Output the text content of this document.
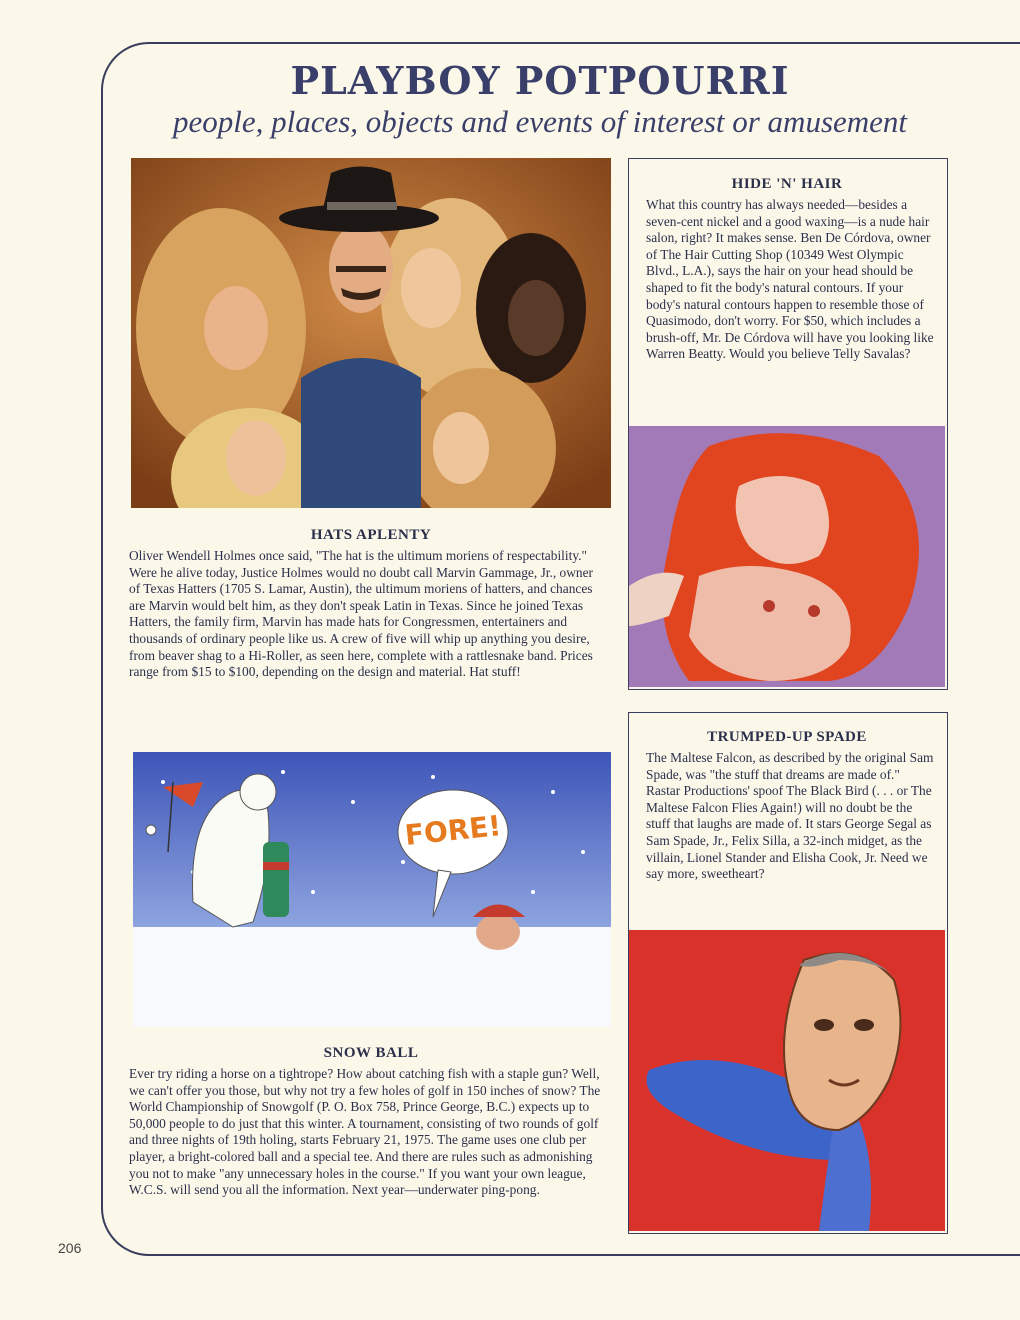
PLAYBOY POTPOURRI
people, places, objects and events of interest or amusement
HIDE 'N' HAIR

What this country has always needed—besides a seven-cent nickel and a good waxing—is a nude hair salon, right? It makes sense. Ben De Córdova, owner of The Hair Cutting Shop (10349 West Olympic Blvd., L.A.), says the hair on your head should be shaped to fit the body's natural contours. If your body's natural contours happen to resemble those of Quasimodo, don't worry. For $50, which includes a brush-off, Mr. De Córdova will have you looking like Warren Beatty. Would you believe Telly Savalas?

HATS APLENTY

Oliver Wendell Holmes once said, "The hat is the ultimum moriens of respectability." Were he alive today, Justice Holmes would no doubt call Marvin Gammage, Jr., owner of Texas Hatters (1705 S. Lamar, Austin), the ultimum moriens of hatters, and chances are Marvin would belt him, as they don't speak Latin in Texas. Since he joined Texas Hatters, the family firm, Marvin has made hats for Congressmen, entertainers and thousands of ordinary people like us. A crew of five will whip up anything you desire, from beaver shag to a Hi-Roller, as seen here, complete with a rattlesnake band. Prices range from $15 to $100, depending on the design and material. Hat stuff!

FORE!
SNOW BALL

Ever try riding a horse on a tightrope? How about catching fish with a staple gun? Well, we can't offer you those, but why not try a few holes of golf in 150 inches of snow? The World Championship of Snowgolf (P. O. Box 758, Prince George, B.C.) expects up to 50,000 people to do just that this winter. A tournament, consisting of two rounds of golf and three nights of 19th holing, starts February 21, 1975. The game uses one club per player, a bright-colored ball and a special tee. And there are rules such as admonishing you not to make "any unnecessary holes in the course." If you want your own league, W.C.S. will send you all the information. Next year—underwater ping-pong.

TRUMPED-UP SPADE

The Maltese Falcon, as described by the original Sam Spade, was "the stuff that dreams are made of." Rastar Productions' spoof The Black Bird (. . . or The Maltese Falcon Flies Again!) will no doubt be the stuff that laughs are made of. It stars George Segal as Sam Spade, Jr., Felix Silla, a 32-inch midget, as the villain, Lionel Stander and Elisha Cook, Jr. Need we say more, sweetheart?

206
